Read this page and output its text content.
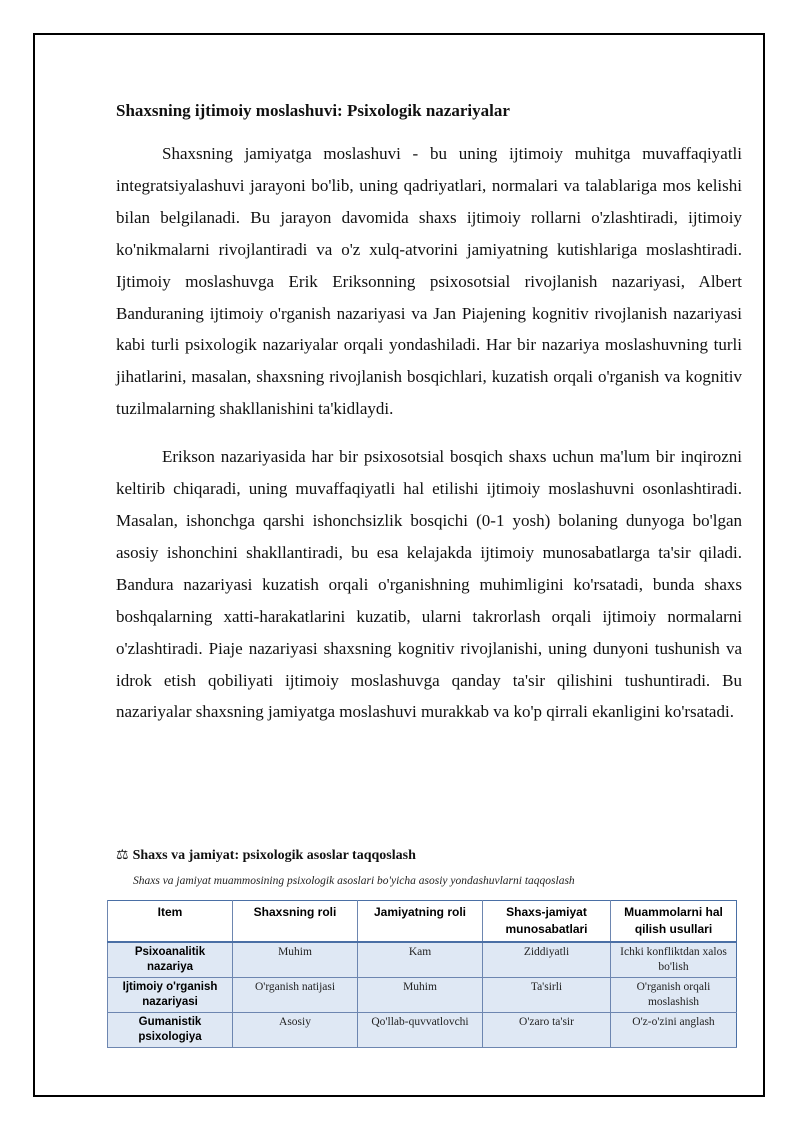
Shaxsning ijtimoiy moslashuvi: Psixologik nazariyalar

Shaxsning jamiyatga moslashuvi - bu uning ijtimoiy muhitga muvaffaqiyatli integratsiyalashuvi jarayoni bo'lib, uning qadriyatlari, normalari va talablariga mos kelishi bilan belgilanadi. Bu jarayon davomida shaxs ijtimoiy rollarni o'zlashtiradi, ijtimoiy ko'nikmalarni rivojlantiradi va o'z xulq-atvorini jamiyatning kutishlariga moslashtiradi. Ijtimoiy moslashuvga Erik Eriksonning psixosotsial rivojlanish nazariyasi, Albert Banduraning ijtimoiy o'rganish nazariyasi va Jan Piajening kognitiv rivojlanish nazariyasi kabi turli psixologik nazariyalar orqali yondashiladi. Har bir nazariya moslashuvning turli jihatlarini, masalan, shaxsning rivojlanish bosqichlari, kuzatish orqali o'rganish va kognitiv tuzilmalarning shakllanishini ta'kidlaydi.

Erikson nazariyasida har bir psixosotsial bosqich shaxs uchun ma'lum bir inqirozni keltirib chiqaradi, uning muvaffaqiyatli hal etilishi ijtimoiy moslashuvni osonlashtiradi. Masalan, ishonchga qarshi ishonchsizlik bosqichi (0-1 yosh) bolaning dunyoga bo'lgan asosiy ishonchini shakllantiradi, bu esa kelajakda ijtimoiy munosabatlarga ta'sir qiladi. Bandura nazariyasi kuzatish orqali o'rganishning muhimligini ko'rsatadi, bunda shaxs boshqalarning xatti-harakatlarini kuzatib, ularni takrorlash orqali ijtimoiy normalarni o'zlashtiradi. Piaje nazariyasi shaxsning kognitiv rivojlanishi, uning dunyoni tushunish va idrok etish qobiliyati ijtimoiy moslashuvga qanday ta'sir qilishini tushuntiradi. Bu nazariyalar shaxsning jamiyatga moslashuvi murakkab va ko'p qirrali ekanligini ko'rsatadi.

⚖ Shaxs va jamiyat: psixologik asoslar taqqoslash
Shaxs va jamiyat muammosining psixologik asoslari bo'yicha asosiy yondashuvlarni taqqoslash
Item	Shaxsning roli	Jamiyatning roli	Shaxs-jamiyat munosabatlari	Muammolarni hal qilish usullari
Psixoanalitik nazariya	Muhim	Kam	Ziddiyatli	Ichki konfliktdan xalos bo'lish
Ijtimoiy o'rganish nazariyasi	O'rganish natijasi	Muhim	Ta'sirli	O'rganish orqali moslashish
Gumanistik psixologiya	Asosiy	Qo'llab-quvvatlovchi	O'zaro ta'sir	O'z-o'zini anglash
